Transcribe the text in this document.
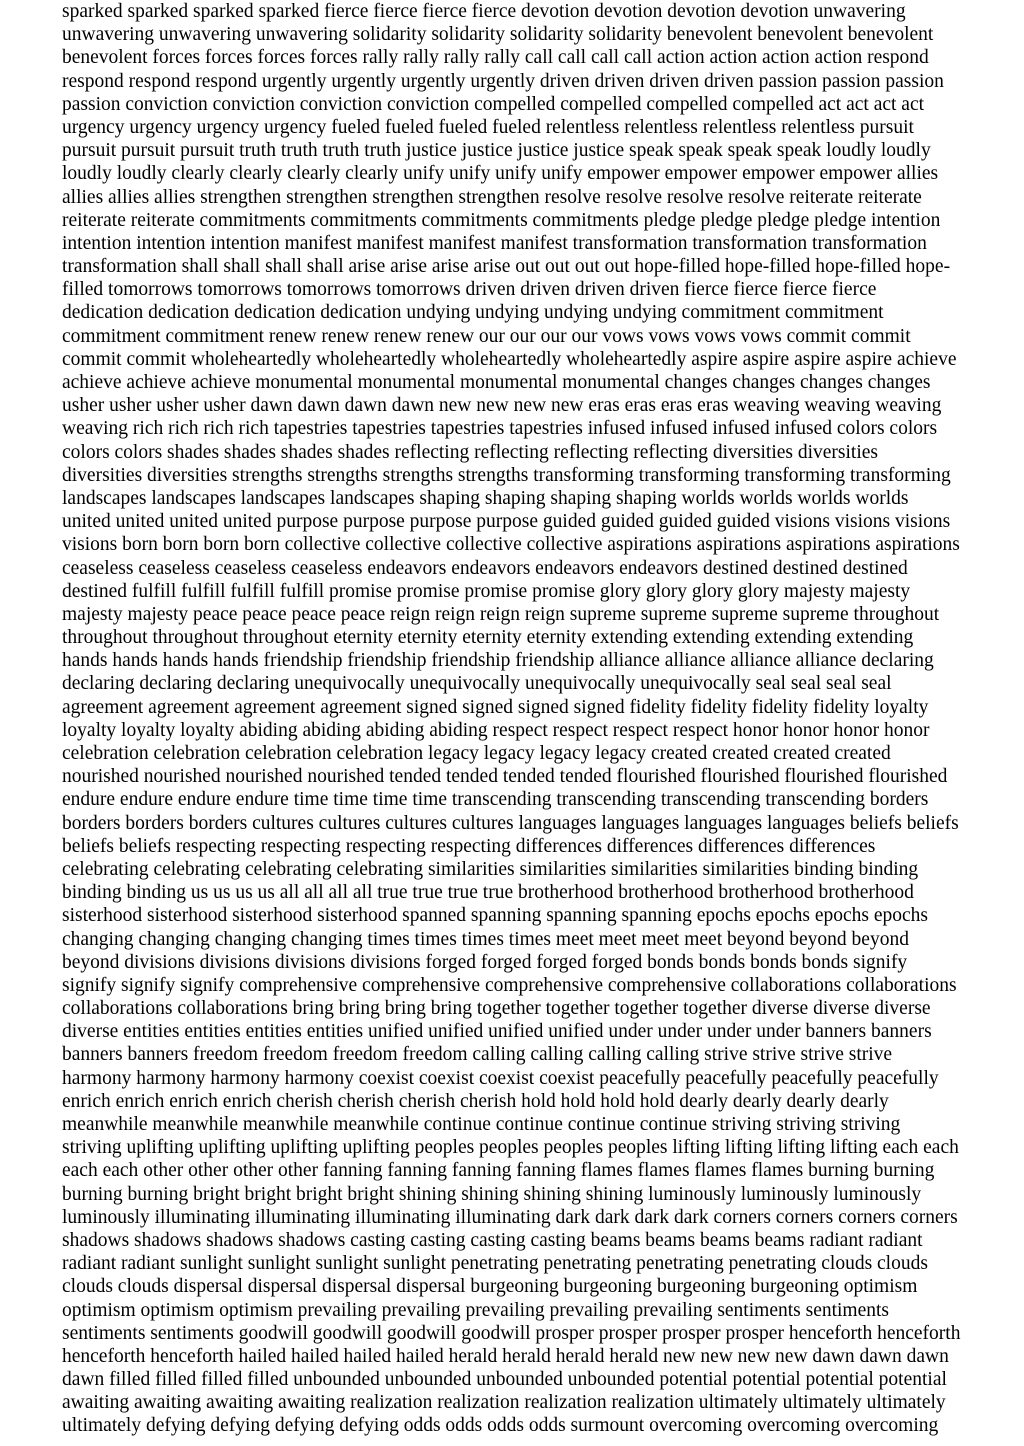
sparked sparked sparked sparked fierce fierce fierce fierce devotion devotion devotion devotion unwavering

unwavering unwavering unwavering solidarity solidarity solidarity solidarity benevolent benevolent benevolent

benevolent forces forces forces forces rally rally rally rally call call call call action action action action respond

respond respond respond urgently urgently urgently urgently driven driven driven driven passion passion passion

passion conviction conviction conviction conviction compelled compelled compelled compelled act act act act

urgency urgency urgency urgency fueled fueled fueled fueled relentless relentless relentless relentless pursuit

pursuit pursuit pursuit truth truth truth truth justice justice justice justice speak speak speak speak loudly loudly

loudly loudly clearly clearly clearly clearly unify unify unify unify empower empower empower empower allies

allies allies allies strengthen strengthen strengthen strengthen resolve resolve resolve resolve reiterate reiterate

reiterate reiterate commitments commitments commitments commitments pledge pledge pledge pledge intention

intention intention intention manifest manifest manifest manifest transformation transformation transformation

transformation shall shall shall shall arise arise arise arise out out out out hope-filled hope-filled hope-filled hope-

filled tomorrows tomorrows tomorrows tomorrows driven driven driven driven fierce fierce fierce fierce

dedication dedication dedication dedication undying undying undying undying commitment commitment

commitment commitment renew renew renew renew our our our our vows vows vows vows commit commit

commit commit wholeheartedly wholeheartedly wholeheartedly wholeheartedly aspire aspire aspire aspire achieve

achieve achieve achieve monumental monumental monumental monumental changes changes changes changes

usher usher usher usher dawn dawn dawn dawn new new new new eras eras eras eras weaving weaving weaving

weaving rich rich rich rich tapestries tapestries tapestries tapestries infused infused infused infused colors colors

colors colors shades shades shades shades reflecting reflecting reflecting reflecting diversities diversities

diversities diversities strengths strengths strengths strengths transforming transforming transforming transforming

landscapes landscapes landscapes landscapes shaping shaping shaping shaping worlds worlds worlds worlds

united united united united purpose purpose purpose purpose guided guided guided guided visions visions visions

visions born born born born collective collective collective collective aspirations aspirations aspirations aspirations

ceaseless ceaseless ceaseless ceaseless endeavors endeavors endeavors endeavors destined destined destined

destined fulfill fulfill fulfill fulfill promise promise promise promise glory glory glory glory majesty majesty

majesty majesty peace peace peace peace reign reign reign reign supreme supreme supreme supreme throughout

throughout throughout throughout eternity eternity eternity eternity extending extending extending extending

hands hands hands hands friendship friendship friendship friendship alliance alliance alliance alliance declaring

declaring declaring declaring unequivocally unequivocally unequivocally unequivocally seal seal seal seal

agreement agreement agreement agreement signed signed signed signed fidelity fidelity fidelity fidelity loyalty

loyalty loyalty loyalty abiding abiding abiding abiding respect respect respect respect honor honor honor honor

celebration celebration celebration celebration legacy legacy legacy legacy created created created created

nourished nourished nourished nourished tended tended tended tended flourished flourished flourished flourished

endure endure endure endure time time time time transcending transcending transcending transcending borders

borders borders borders cultures cultures cultures cultures languages languages languages languages beliefs beliefs

beliefs beliefs respecting respecting respecting respecting differences differences differences differences

celebrating celebrating celebrating celebrating similarities similarities similarities similarities binding binding

binding binding us us us us all all all all true true true true brotherhood brotherhood brotherhood brotherhood

sisterhood sisterhood sisterhood sisterhood spanned spanning spanning spanning epochs epochs epochs epochs

changing changing changing changing times times times times meet meet meet meet beyond beyond beyond

beyond divisions divisions divisions divisions forged forged forged forged bonds bonds bonds bonds signify

signify signify signify comprehensive comprehensive comprehensive comprehensive collaborations collaborations

collaborations collaborations bring bring bring bring together together together together diverse diverse diverse

diverse entities entities entities entities unified unified unified unified under under under under banners banners

banners banners freedom freedom freedom freedom calling calling calling calling strive strive strive strive

harmony harmony harmony harmony coexist coexist coexist coexist peacefully peacefully peacefully peacefully

enrich enrich enrich enrich cherish cherish cherish cherish hold hold hold hold dearly dearly dearly dearly

meanwhile meanwhile meanwhile meanwhile continue continue continue continue striving striving striving

striving uplifting uplifting uplifting uplifting peoples peoples peoples peoples lifting lifting lifting lifting each each

each each other other other other fanning fanning fanning fanning flames flames flames flames burning burning

burning burning bright bright bright bright shining shining shining shining luminously luminously luminously

luminously illuminating illuminating illuminating illuminating dark dark dark dark corners corners corners corners

shadows shadows shadows shadows casting casting casting casting beams beams beams beams radiant radiant

radiant radiant sunlight sunlight sunlight sunlight penetrating penetrating penetrating penetrating clouds clouds

clouds clouds dispersal dispersal dispersal dispersal burgeoning burgeoning burgeoning burgeoning optimism

optimism optimism optimism prevailing prevailing prevailing prevailing prevailing sentiments sentiments

sentiments sentiments goodwill goodwill goodwill goodwill prosper prosper prosper prosper henceforth henceforth

henceforth henceforth hailed hailed hailed hailed herald herald herald herald new new new new dawn dawn dawn

dawn filled filled filled filled unbounded unbounded unbounded unbounded potential potential potential potential

awaiting awaiting awaiting awaiting realization realization realization realization ultimately ultimately ultimately

ultimately defying defying defying defying odds odds odds odds surmount overcoming overcoming overcoming
